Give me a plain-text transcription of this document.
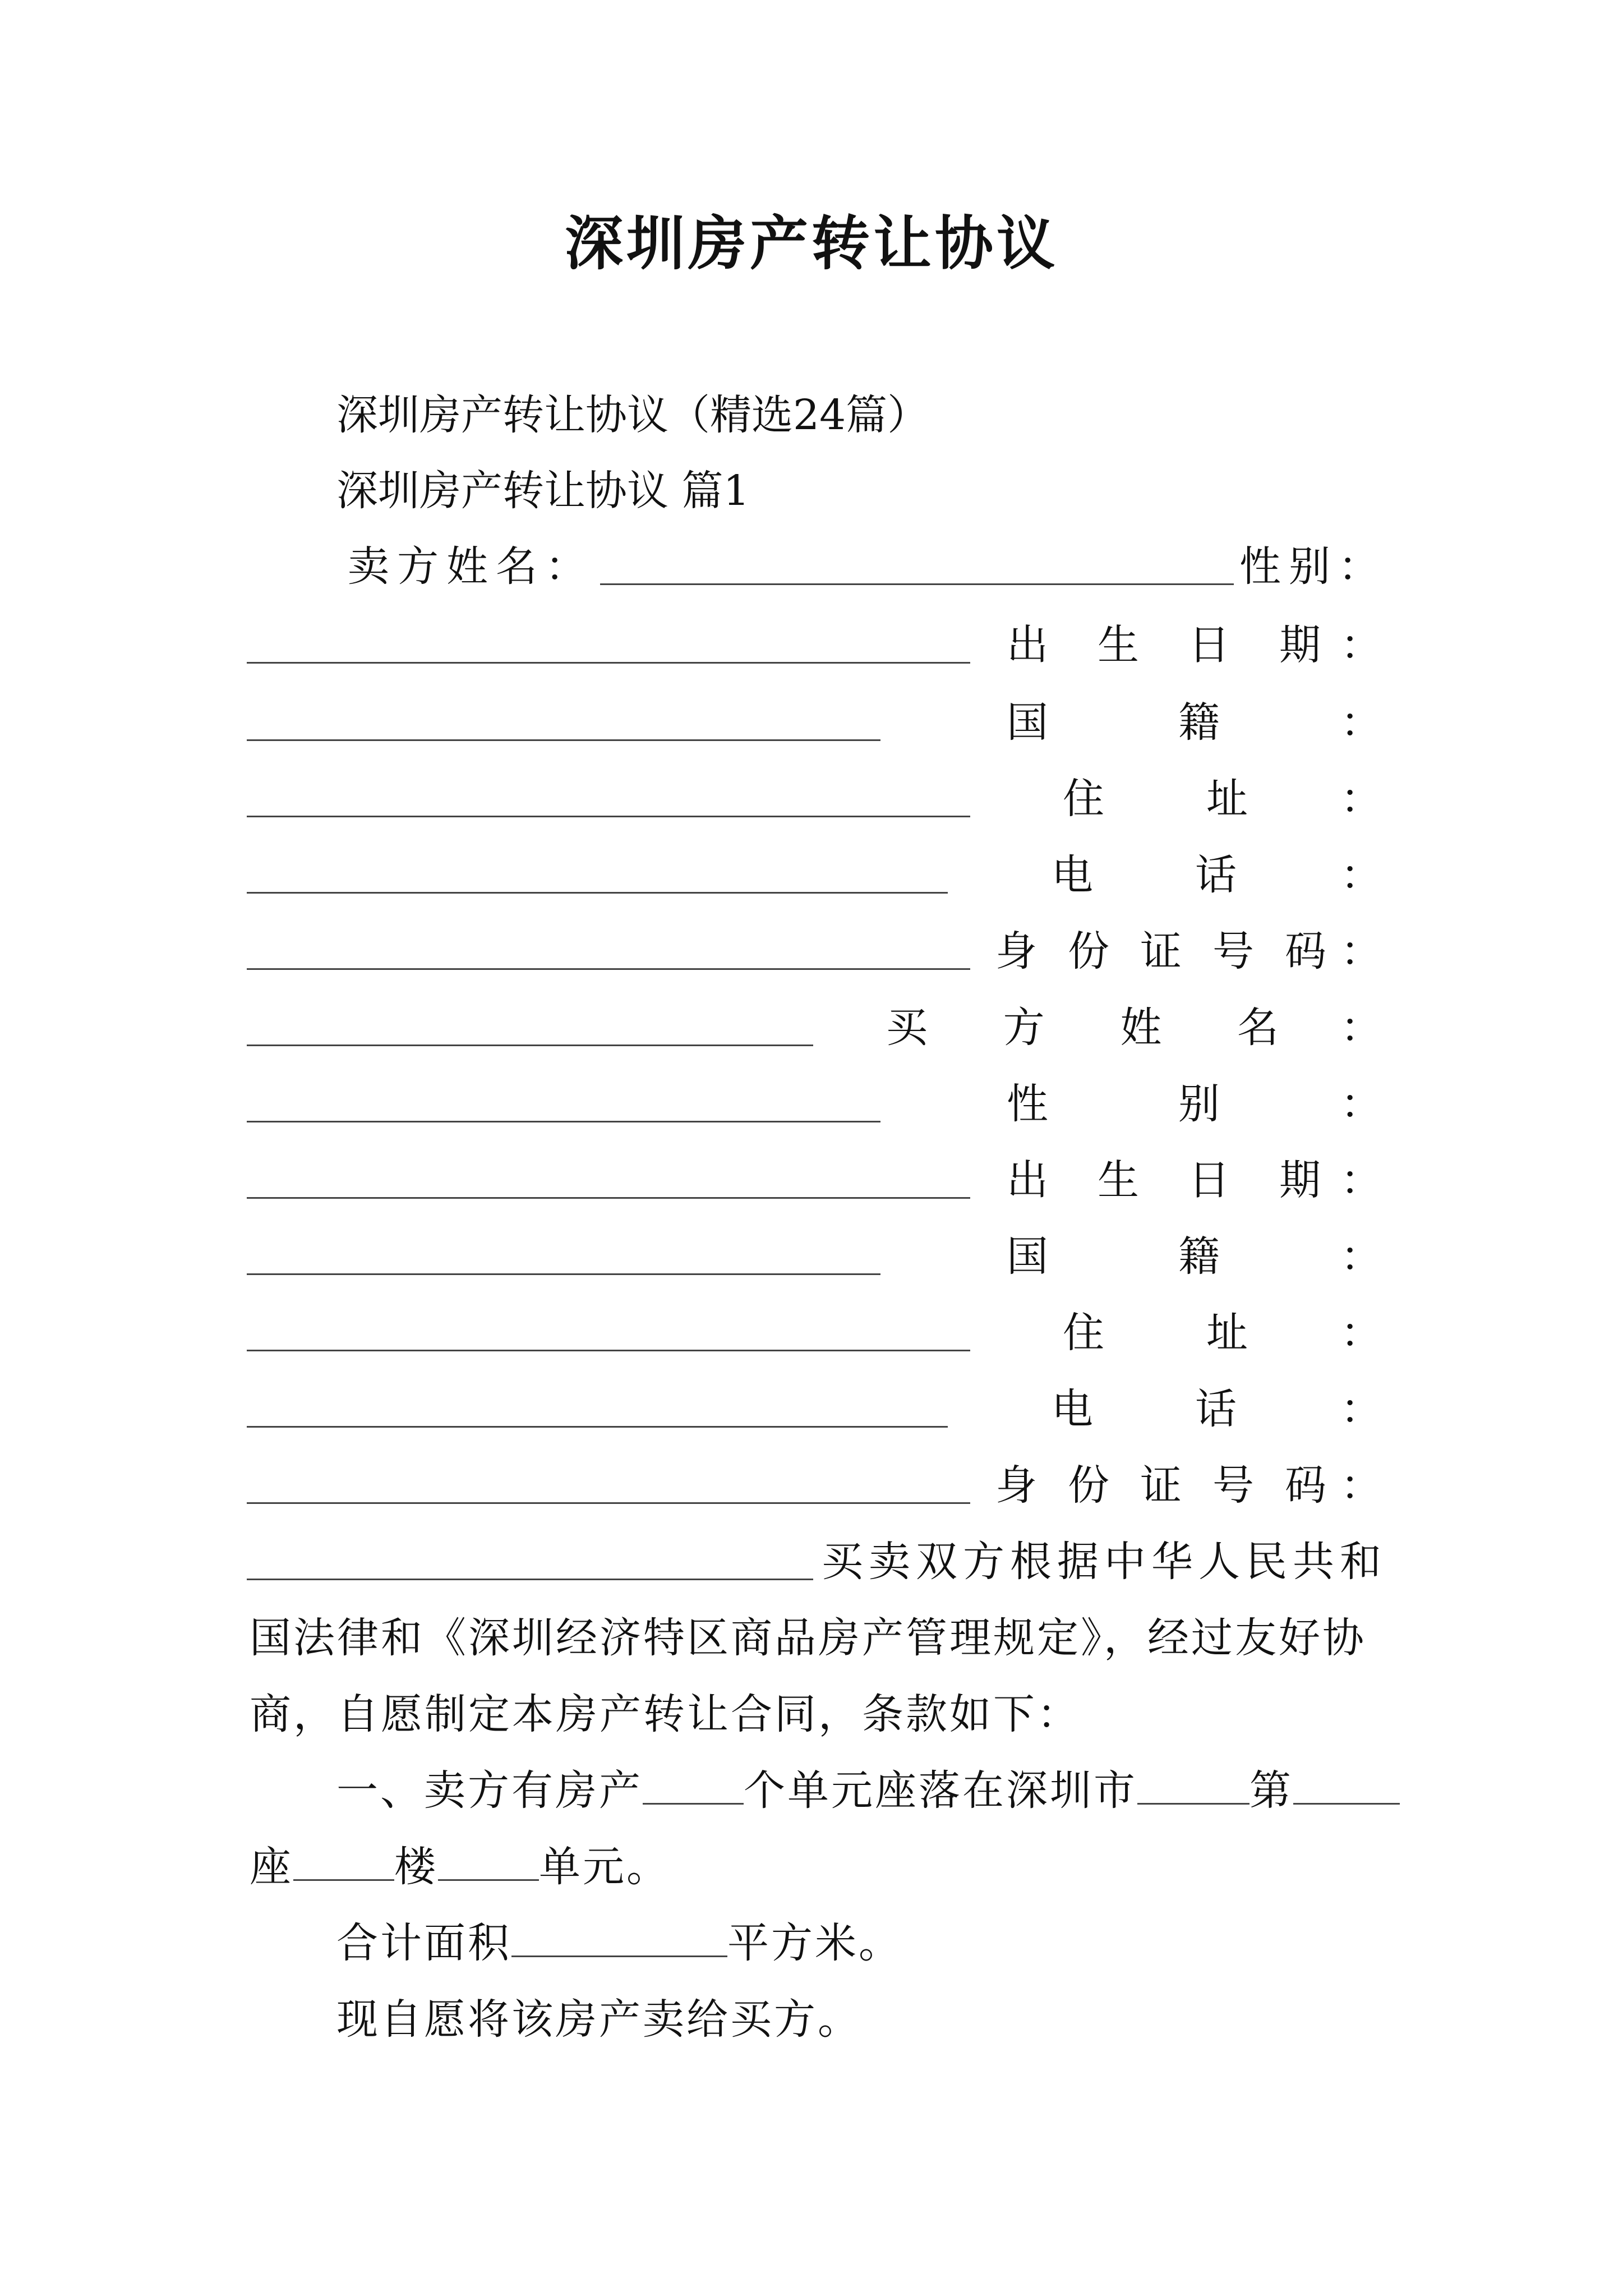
深圳房产转让协议
深圳房产转让协议（精选24篇）
深圳房产转让协议 篇1
卖方姓名：	性别：
出 生 日 期 ：
国	籍	：
住 址 ：
电 话	：
身 份 证 号 码 ：
买 方 姓 名 ：
性	别	：
出 生 日 期 ：
国	籍	：
住 址 ：
电 话	：
身 份 证 号 码 ：
买卖双方根据中华人民共和
国法律和《深圳经济特区商品房产管理规定》，经过友好协
商，自愿制定本房产转让合同，条款如下：
一、卖方有房产 个单元座落在深圳市	第
座 楼 单元。
合计面积	平方米。
现自愿将该房产卖给买方。
